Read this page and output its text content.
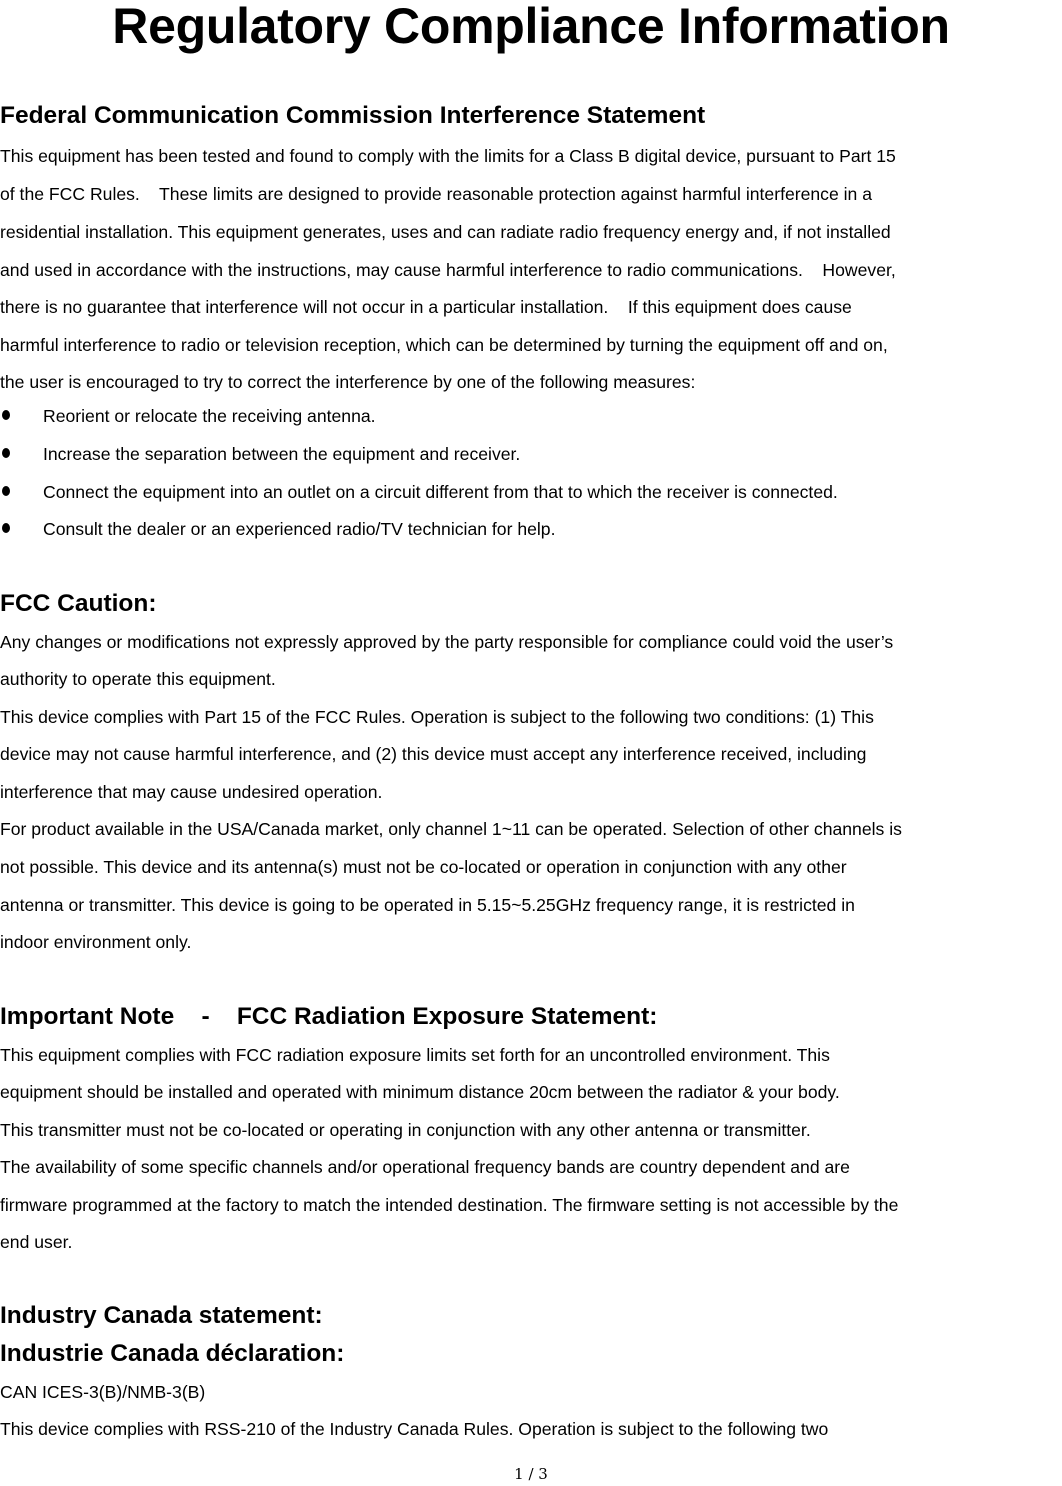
Regulatory Compliance Information
Federal Communication Commission Interference Statement
This equipment has been tested and found to comply with the limits for a Class B digital device, pursuant to Part 15
of the FCC Rules.    These limits are designed to provide reasonable protection against harmful interference in a
residential installation. This equipment generates, uses and can radiate radio frequency energy and, if not installed
and used in accordance with the instructions, may cause harmful interference to radio communications.    However,
there is no guarantee that interference will not occur in a particular installation.    If this equipment does cause
harmful interference to radio or television reception, which can be determined by turning the equipment off and on,
the user is encouraged to try to correct the interference by one of the following measures:
Reorient or relocate the receiving antenna.
Increase the separation between the equipment and receiver.
Connect the equipment into an outlet on a circuit different from that to which the receiver is connected.
Consult the dealer or an experienced radio/TV technician for help.
FCC Caution:
Any changes or modifications not expressly approved by the party responsible for compliance could void the user’s
authority to operate this equipment.
This device complies with Part 15 of the FCC Rules. Operation is subject to the following two conditions: (1) This
device may not cause harmful interference, and (2) this device must accept any interference received, including
interference that may cause undesired operation.
For product available in the USA/Canada market, only channel 1~11 can be operated. Selection of other channels is
not possible. This device and its antenna(s) must not be co-located or operation in conjunction with any other
antenna or transmitter. This device is going to be operated in 5.15~5.25GHz frequency range, it is restricted in
indoor environment only.
Important Note    -    FCC Radiation Exposure Statement:
This equipment complies with FCC radiation exposure limits set forth for an uncontrolled environment. This
equipment should be installed and operated with minimum distance 20cm between the radiator & your body.
This transmitter must not be co-located or operating in conjunction with any other antenna or transmitter.
The availability of some specific channels and/or operational frequency bands are country dependent and are
firmware programmed at the factory to match the intended destination. The firmware setting is not accessible by the
end user.
Industry Canada statement:
Industrie Canada déclaration:
CAN ICES-3(B)/NMB-3(B)
This device complies with RSS-210 of the Industry Canada Rules. Operation is subject to the following two
1 / 3
